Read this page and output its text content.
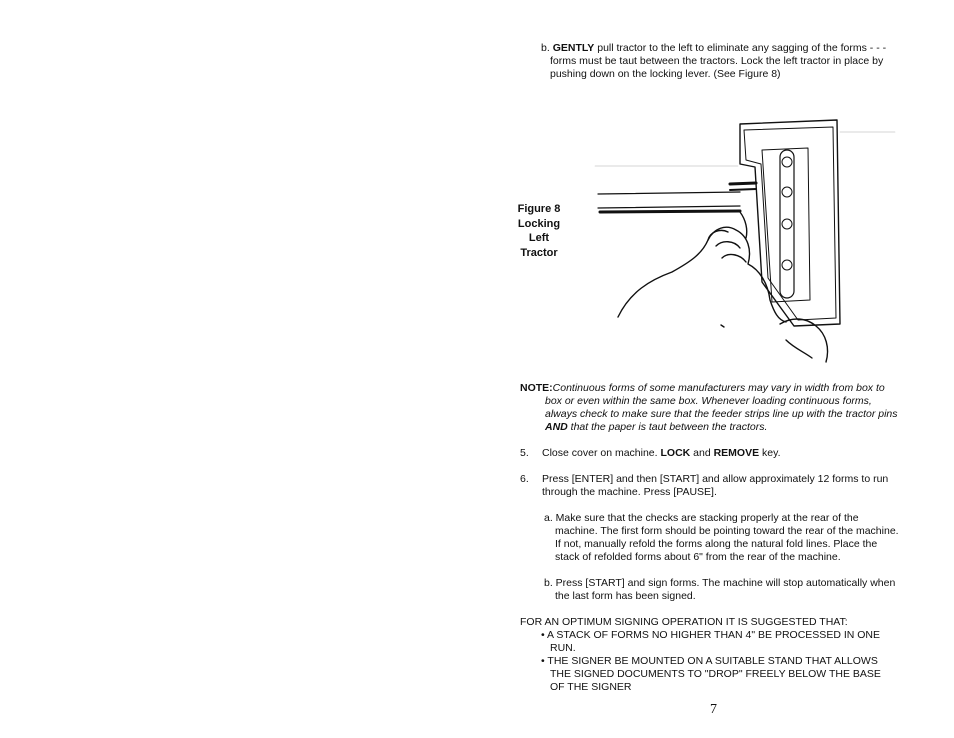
b. GENTLY pull tractor to the left to eliminate any sagging of the forms - - -
forms must be taut between the tractors. Lock the left tractor in place by
pushing down on the locking lever. (See Figure 8)
Figure 8
Locking
Left
Tractor
NOTE:Continuous forms of some manufacturers may vary in width from box to
box or even within the same box. Whenever loading continuous forms,
always check to make sure that the feeder strips line up with the tractor pins
AND that the paper is taut between the tractors.
5. Close cover on machine. LOCK and REMOVE key.
6. Press [ENTER] and then [START] and allow approximately 12 forms to run
through the machine. Press [PAUSE].
a. Make sure that the checks are stacking properly at the rear of the
machine. The first form should be pointing toward the rear of the machine.
If not, manually refold the forms along the natural fold lines. Place the
stack of refolded forms about 6" from the rear of the machine.
b. Press [START] and sign forms. The machine will stop automatically when
the last form has been signed.
FOR AN OPTIMUM SIGNING OPERATION IT IS SUGGESTED THAT:
• A STACK OF FORMS NO HIGHER THAN 4" BE PROCESSED IN ONE
RUN.
• THE SIGNER BE MOUNTED ON A SUITABLE STAND THAT ALLOWS
THE SIGNED DOCUMENTS TO "DROP" FREELY BELOW THE BASE
OF THE SIGNER
7
